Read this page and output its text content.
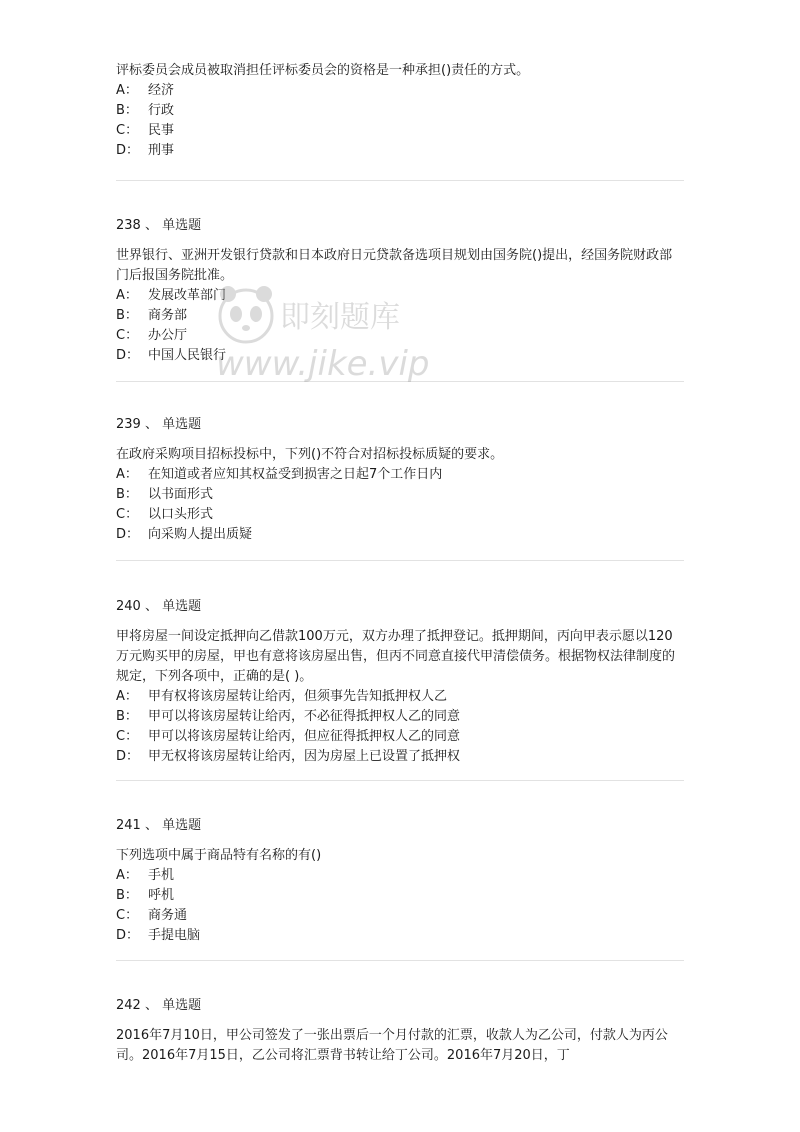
评标委员会成员被取消担任评标委员会的资格是一种承担()责任的方式。
A： 经济
B： 行政
C： 民事
D： 刑事
238 、 单选题
世界银行、亚洲开发银行贷款和日本政府日元贷款备选项目规划由国务院()提出，经国务院财政部门后报国务院批准。
A： 发展改革部门
B： 商务部
C： 办公厅
D： 中国人民银行
239 、 单选题
在政府采购项目招标投标中，下列()不符合对招标投标质疑的要求。
A： 在知道或者应知其权益受到损害之日起7个工作日内
B： 以书面形式
C： 以口头形式
D： 向采购人提出质疑
240 、 单选题
甲将房屋一间设定抵押向乙借款100万元，双方办理了抵押登记。抵押期间，丙向甲表示愿以120万元购买甲的房屋，甲也有意将该房屋出售，但丙不同意直接代甲清偿债务。根据物权法律制度的规定，下列各项中，正确的是( )。
A： 甲有权将该房屋转让给丙，但须事先告知抵押权人乙
B： 甲可以将该房屋转让给丙，不必征得抵押权人乙的同意
C： 甲可以将该房屋转让给丙，但应征得抵押权人乙的同意
D： 甲无权将该房屋转让给丙，因为房屋上已设置了抵押权
241 、 单选题
下列选项中属于商品特有名称的有()
A： 手机
B： 呼机
C： 商务通
D： 手提电脑
242 、 单选题
2016年7月10日，甲公司签发了一张出票后一个月付款的汇票，收款人为乙公司，付款人为丙公司。2016年7月15日，乙公司将汇票背书转让给丁公司。2016年7月20日，丁
即刻题库
www.jike.vip
